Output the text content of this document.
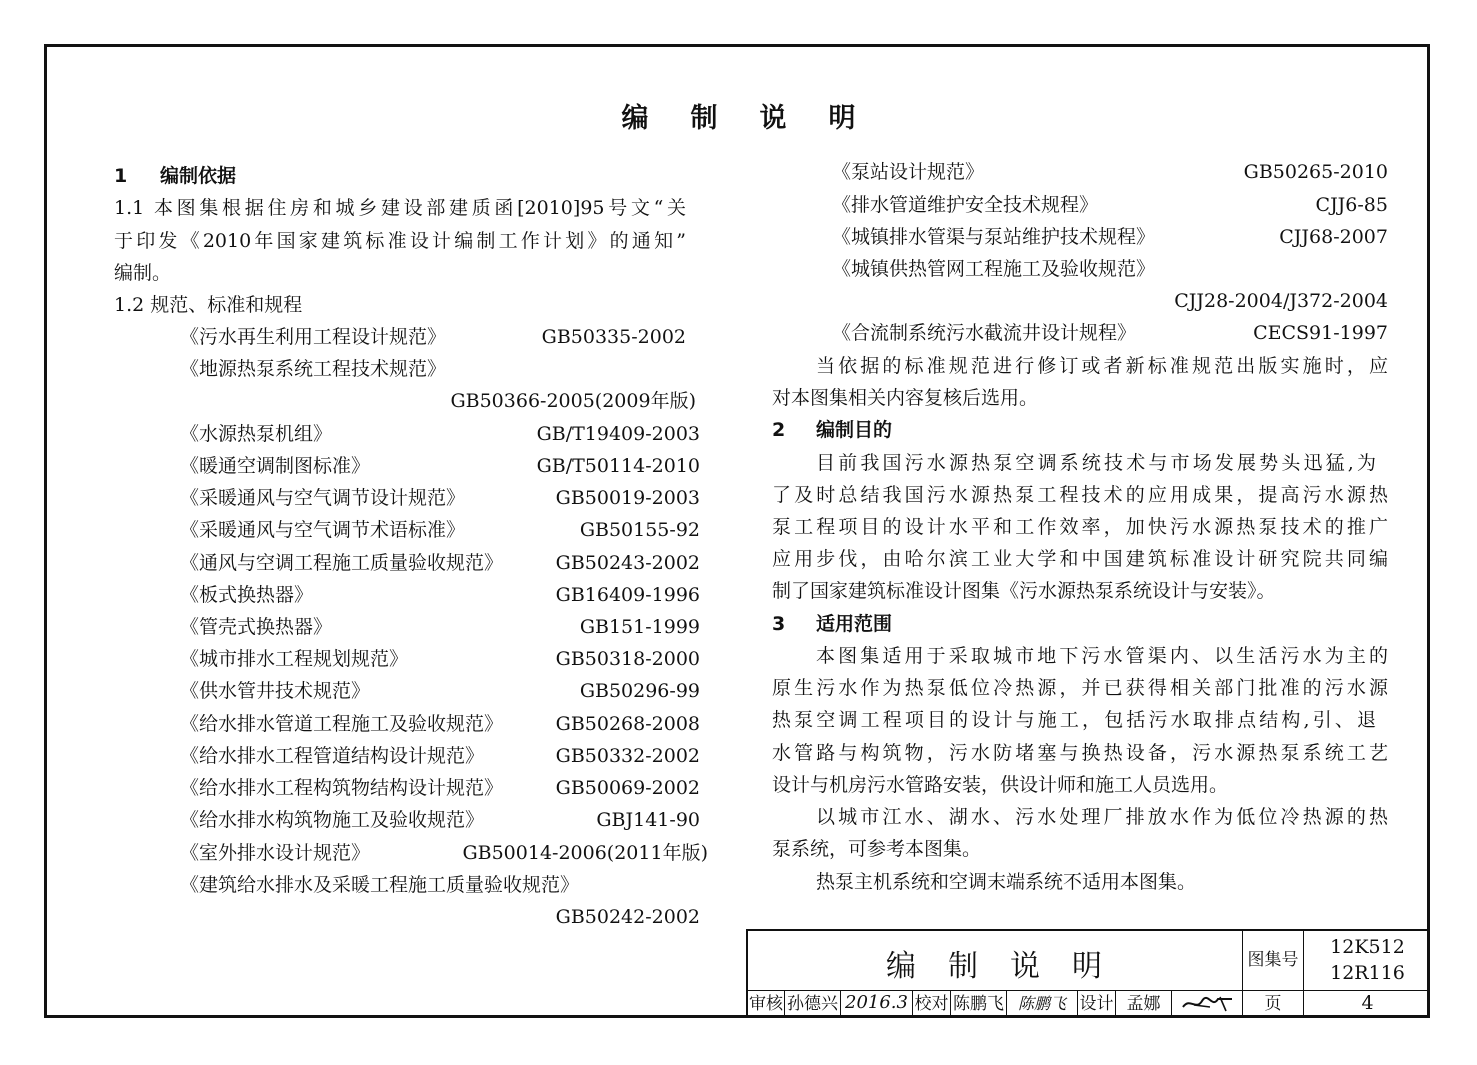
编制说明
1 编制依据
1.1 本图集根据住房和城乡建设部建质函[2010]95号文“关
于印发《2010年国家建筑标准设计编制工作计划》的通知”
编制。
1.2 规范、标准和规程
《污水再生利用工程设计规范》	GB50335-2002
《地源热泵系统工程技术规范》
GB50366-2005(2009年版)
《水源热泵机组》	GB/T19409-2003
《暖通空调制图标准》	GB/T50114-2010
《采暖通风与空气调节设计规范》	GB50019-2003
《采暖通风与空气调节术语标准》	GB50155-92
《通风与空调工程施工质量验收规范》	GB50243-2002
《板式换热器》	GB16409-1996
《管壳式换热器》	GB151-1999
《城市排水工程规划规范》	GB50318-2000
《供水管井技术规范》	GB50296-99
《给水排水管道工程施工及验收规范》	GB50268-2008
《给水排水工程管道结构设计规范》	GB50332-2002
《给水排水工程构筑物结构设计规范》	GB50069-2002
《给水排水构筑物施工及验收规范》	GBJ141-90
《室外排水设计规范》	GB50014-2006(2011年版)
《建筑给水排水及采暖工程施工质量验收规范》
GB50242-2002
《泵站设计规范》	GB50265-2010
《排水管道维护安全技术规程》	CJJ6-85
《城镇排水管渠与泵站维护技术规程》	CJJ68-2007
《城镇供热管网工程施工及验收规范》
CJJ28-2004/J372-2004
《合流制系统污水截流井设计规程》	CECS91-1997
当依据的标准规范进行修订或者新标准规范出版实施时，应
对本图集相关内容复核后选用。
2 编制目的
目前我国污水源热泵空调系统技术与市场发展势头迅猛,为
了及时总结我国污水源热泵工程技术的应用成果，提高污水源热
泵工程项目的设计水平和工作效率，加快污水源热泵技术的推广
应用步伐，由哈尔滨工业大学和中国建筑标准设计研究院共同编
制了国家建筑标准设计图集《污水源热泵系统设计与安装》。
3 适用范围
本图集适用于采取城市地下污水管渠内、以生活污水为主的
原生污水作为热泵低位冷热源，并已获得相关部门批准的污水源
热泵空调工程项目的设计与施工，包括污水取排点结构,引、退
水管路与构筑物，污水防堵塞与换热设备，污水源热泵系统工艺
设计与机房污水管路安装，供设计师和施工人员选用。
以城市江水、湖水、污水处理厂排放水作为低位冷热源的热
泵系统，可参考本图集。
热泵主机系统和空调末端系统不适用本图集。
编制说明	图集号
12K512
12R116
审核 孙德兴 2016.3 校对 陈鹏飞 陈鹏飞 设计 孟娜	页	4
